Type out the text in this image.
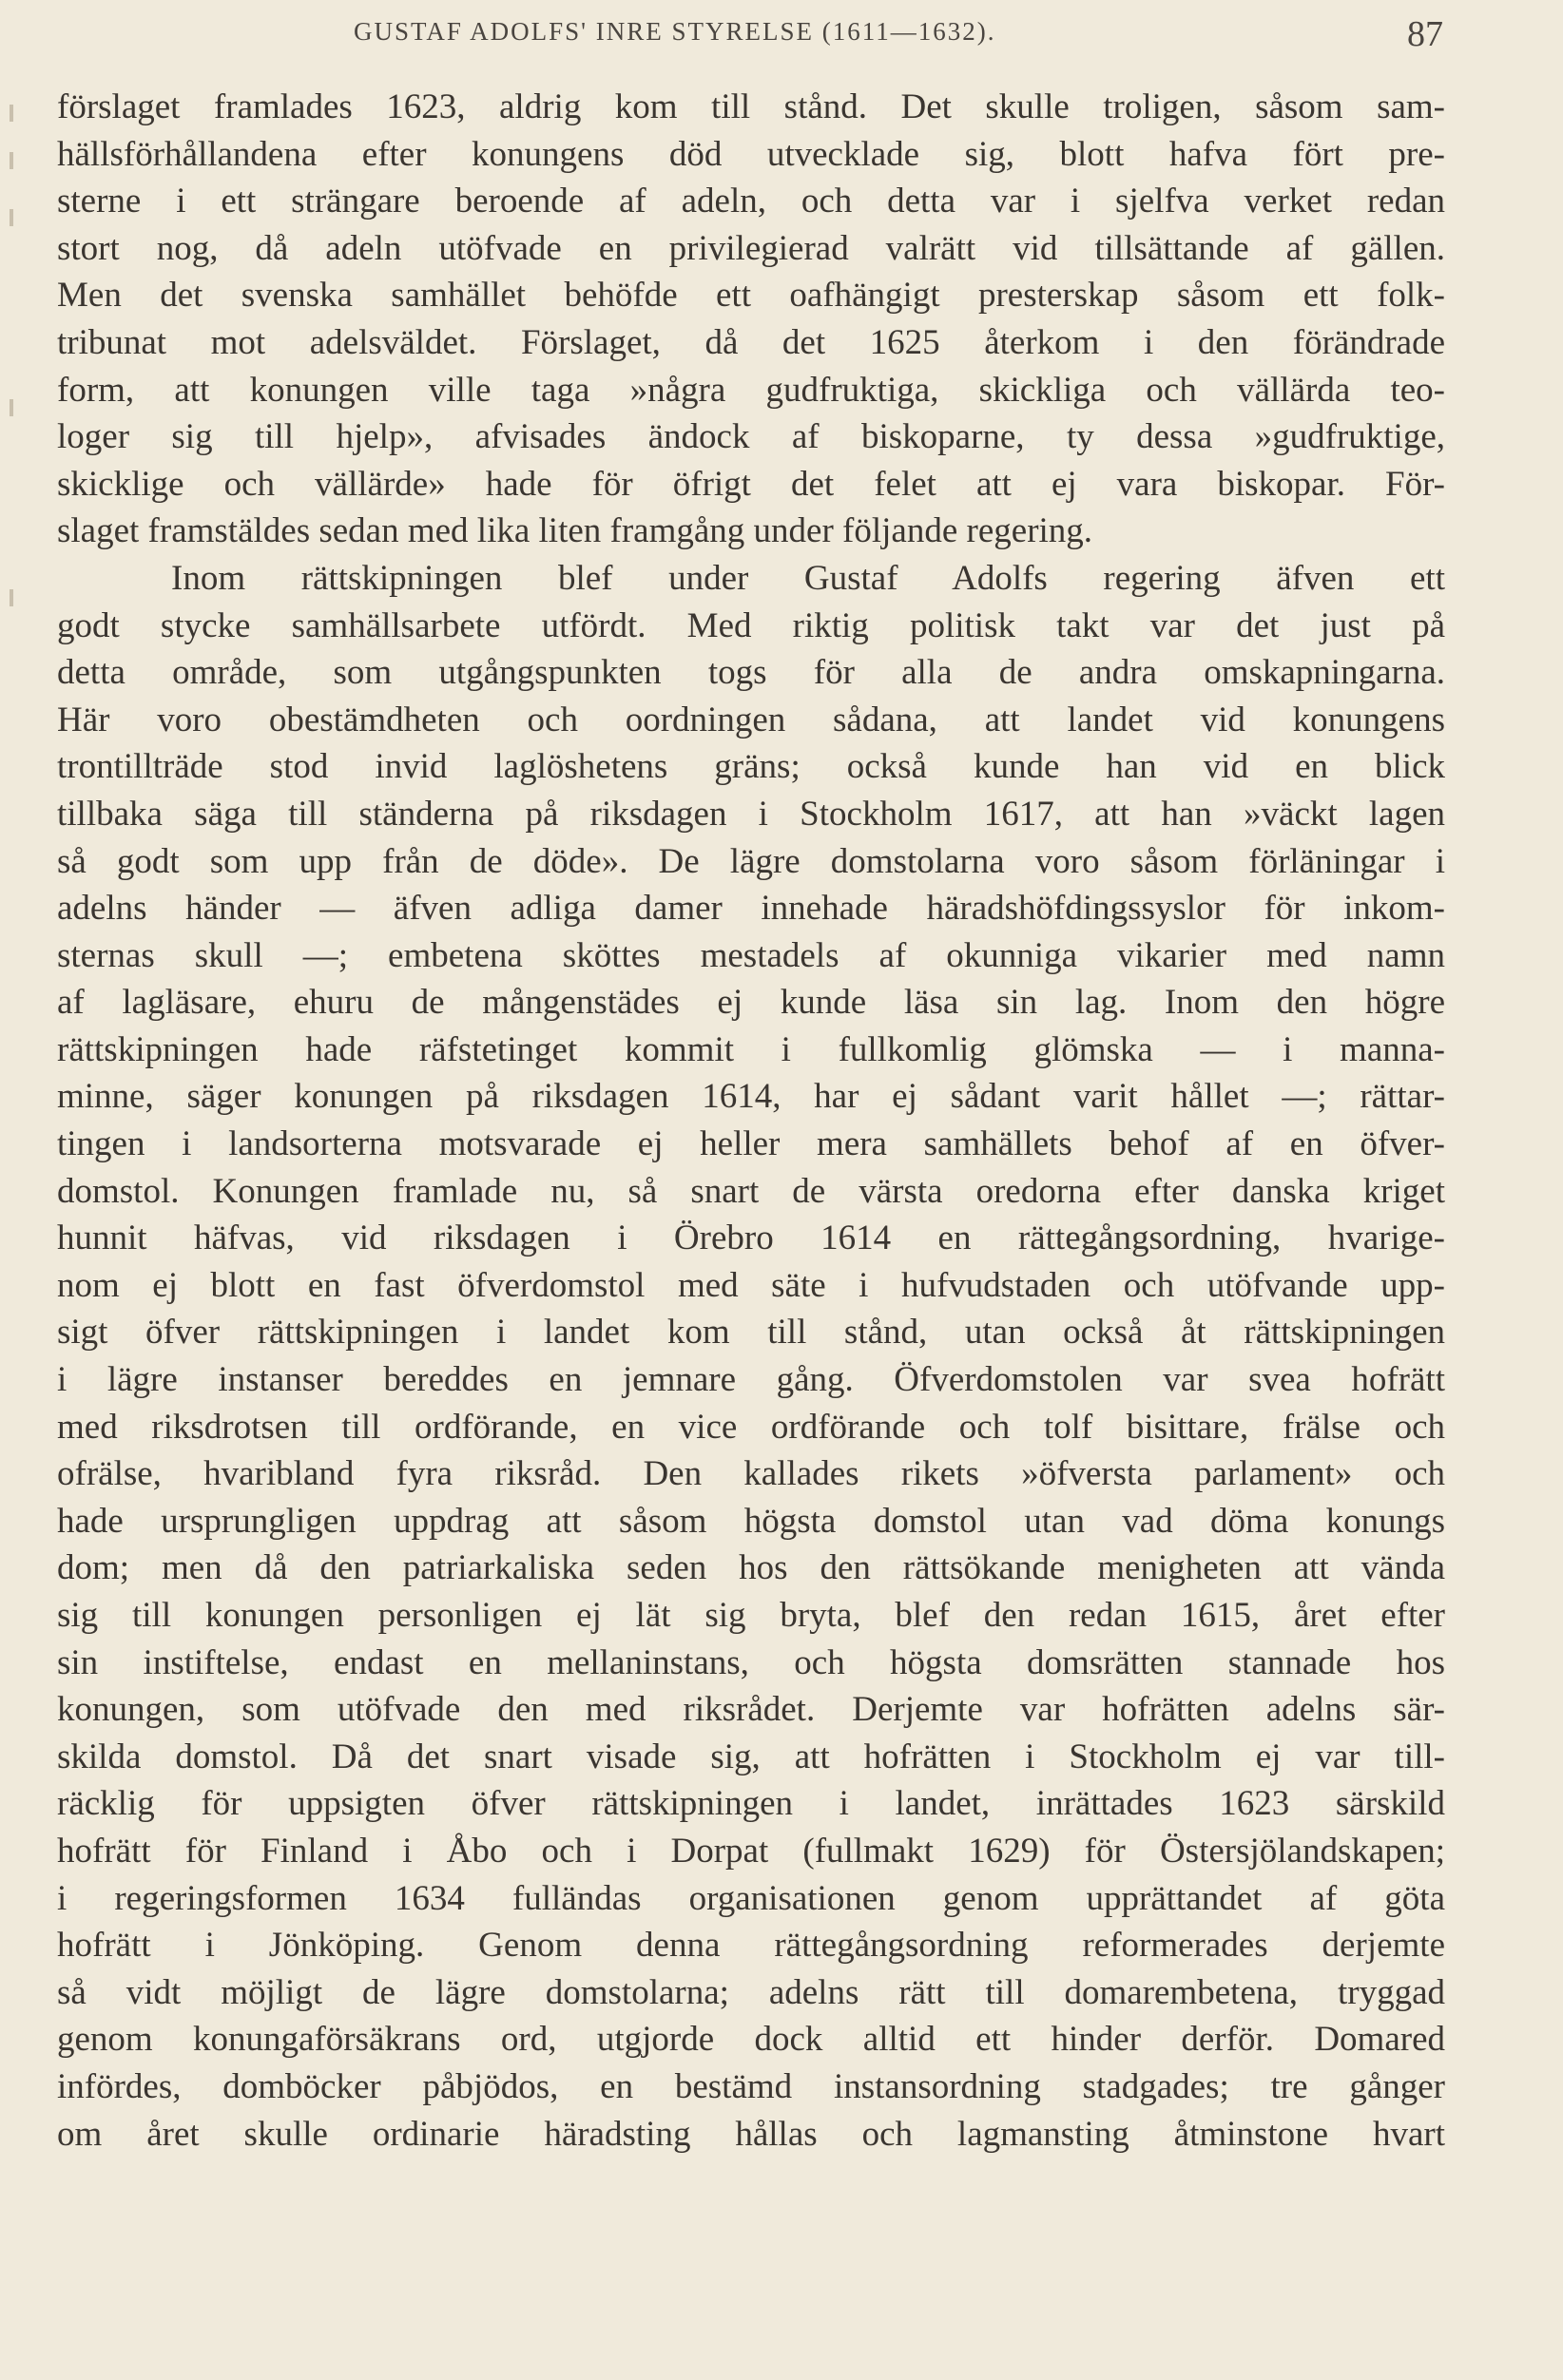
GUSTAF ADOLFS' INRE STYRELSE (1611—1632).	87
förslaget framlades 1623, aldrig kom till stånd. Det skulle troligen, såsom sam-
hällsförhållandena efter konungens död utvecklade sig, blott hafva fört pre-
sterne i ett strängare beroende af adeln, och detta var i sjelfva verket redan
stort nog, då adeln utöfvade en privilegierad valrätt vid tillsättande af gällen.
Men det svenska samhället behöfde ett oafhängigt presterskap såsom ett folk-
tribunat mot adelsväldet. Förslaget, då det 1625 återkom i den förändrade
form, att konungen ville taga »några gudfruktiga, skickliga och vällärda teo-
loger sig till hjelp», afvisades ändock af biskoparne, ty dessa »gudfruktige,
skicklige och vällärde» hade för öfrigt det felet att ej vara biskopar. För-
slaget framstäldes sedan med lika liten framgång under följande regering.
Inom rättskipningen blef under Gustaf Adolfs regering äfven ett
godt stycke samhällsarbete utfördt. Med riktig politisk takt var det just på
detta område, som utgångspunkten togs för alla de andra omskapningarna.
Här voro obestämdheten och oordningen sådana, att landet vid konungens
trontillträde stod invid laglöshetens gräns; också kunde han vid en blick
tillbaka säga till ständerna på riksdagen i Stockholm 1617, att han »väckt lagen
så godt som upp från de döde». De lägre domstolarna voro såsom förläningar i
adelns händer — äfven adliga damer innehade häradshöfdingssyslor för inkom-
sternas skull —; embetena sköttes mestadels af okunniga vikarier med namn
af lagläsare, ehuru de mångenstädes ej kunde läsa sin lag. Inom den högre
rättskipningen hade räfstetinget kommit i fullkomlig glömska — i manna-
minne, säger konungen på riksdagen 1614, har ej sådant varit hållet —; rättar-
tingen i landsorterna motsvarade ej heller mera samhällets behof af en öfver-
domstol. Konungen framlade nu, så snart de värsta oredorna efter danska kriget
hunnit häfvas, vid riksdagen i Örebro 1614 en rättegångsordning, hvarige-
nom ej blott en fast öfverdomstol med säte i hufvudstaden och utöfvande upp-
sigt öfver rättskipningen i landet kom till stånd, utan också åt rättskipningen
i lägre instanser bereddes en jemnare gång. Öfverdomstolen var svea hofrätt
med riksdrotsen till ordförande, en vice ordförande och tolf bisittare, frälse och
ofrälse, hvaribland fyra riksråd. Den kallades rikets »öfversta parlament» och
hade ursprungligen uppdrag att såsom högsta domstol utan vad döma konungs
dom; men då den patriarkaliska seden hos den rättsökande menigheten att vända
sig till konungen personligen ej lät sig bryta, blef den redan 1615, året efter
sin instiftelse, endast en mellaninstans, och högsta domsrätten stannade hos
konungen, som utöfvade den med riksrådet. Derjemte var hofrätten adelns sär-
skilda domstol. Då det snart visade sig, att hofrätten i Stockholm ej var till-
räcklig för uppsigten öfver rättskipningen i landet, inrättades 1623 särskild
hofrätt för Finland i Åbo och i Dorpat (fullmakt 1629) för Östersjölandskapen;
i regeringsformen 1634 fulländas organisationen genom upprättandet af göta
hofrätt i Jönköping. Genom denna rättegångsordning reformerades derjemte
så vidt möjligt de lägre domstolarna; adelns rätt till domarembetena, tryggad
genom konungaförsäkrans ord, utgjorde dock alltid ett hinder derför. Domared
infördes, domböcker påbjödos, en bestämd instansordning stadgades; tre gånger
om året skulle ordinarie häradsting hållas och lagmansting åtminstone hvart
